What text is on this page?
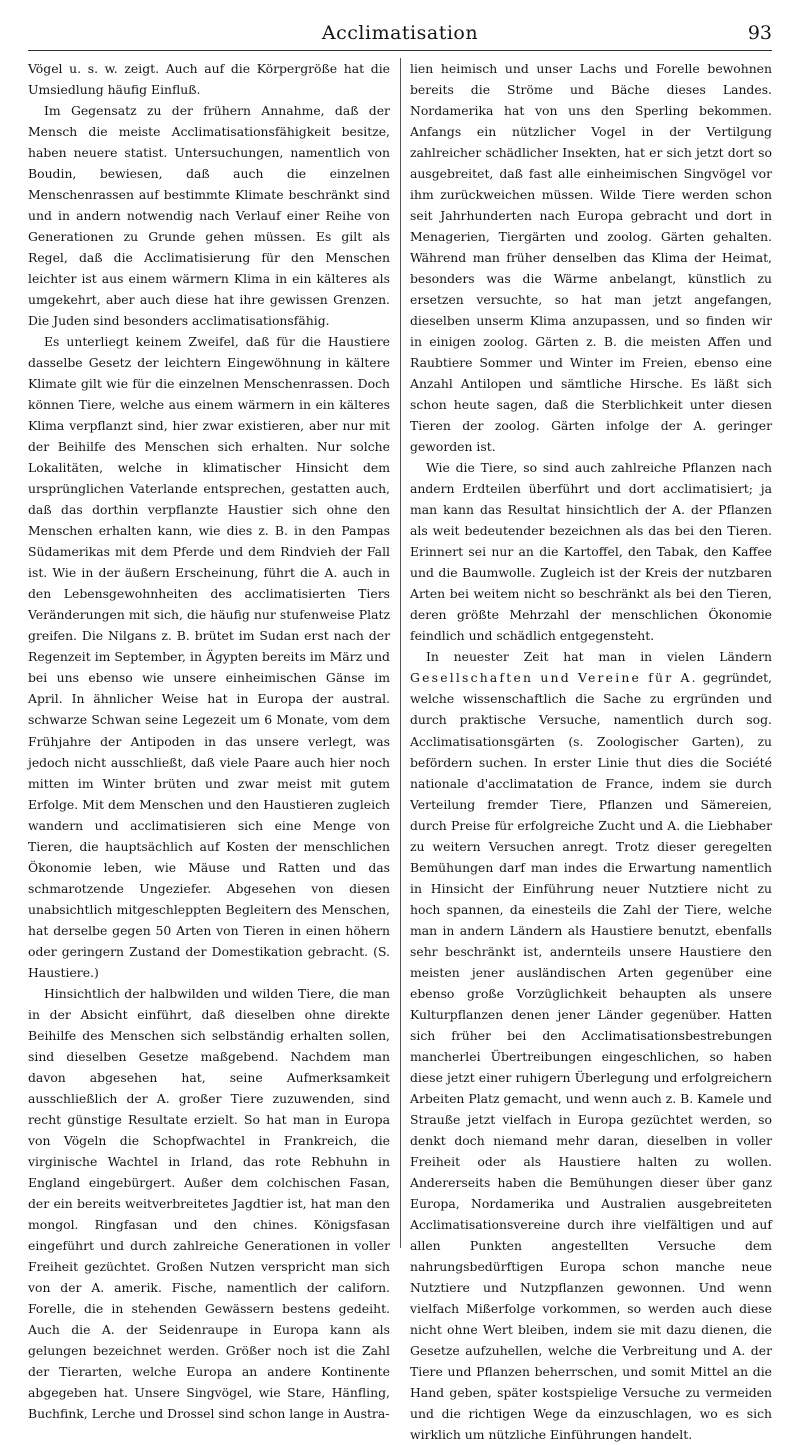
Acclimatisation	93

Vögel u. s. w. zeigt. Auch auf die Körpergröße hat die Umsiedlung häufig Einfluß.

Im Gegensatz zu der frühern Annahme, daß der Mensch die meiste Acclimatisationsfähigkeit besitze, haben neuere statist. Untersuchungen, namentlich von Boudin, bewiesen, daß auch die einzelnen Menschenrassen auf bestimmte Klimate beschränkt sind und in andern notwendig nach Verlauf einer Reihe von Generationen zu Grunde gehen müssen. Es gilt als Regel, daß die Acclimatisierung für den Menschen leichter ist aus einem wärmern Klima in ein kälteres als umgekehrt, aber auch diese hat ihre gewissen Grenzen. Die Juden sind besonders acclimatisationsfähig.

Es unterliegt keinem Zweifel, daß für die Haustiere dasselbe Gesetz der leichtern Eingewöhnung in kältere Klimate gilt wie für die einzelnen Menschenrassen. Doch können Tiere, welche aus einem wärmern in ein kälteres Klima verpflanzt sind, hier zwar existieren, aber nur mit der Beihilfe des Menschen sich erhalten. Nur solche Lokalitäten, welche in klimatischer Hinsicht dem ursprünglichen Vaterlande entsprechen, gestatten auch, daß das dorthin verpflanzte Haustier sich ohne den Menschen erhalten kann, wie dies z. B. in den Pampas Südamerikas mit dem Pferde und dem Rindvieh der Fall ist. Wie in der äußern Erscheinung, führt die A. auch in den Lebensgewohnheiten des acclimatisierten Tiers Veränderungen mit sich, die häufig nur stufenweise Platz greifen. Die Nilgans z. B. brütet im Sudan erst nach der Regenzeit im September, in Ägypten bereits im März und bei uns ebenso wie unsere einheimischen Gänse im April. In ähnlicher Weise hat in Europa der austral. schwarze Schwan seine Legezeit um 6 Monate, vom dem Frühjahre der Antipoden in das unsere verlegt, was jedoch nicht ausschließt, daß viele Paare auch hier noch mitten im Winter brüten und zwar meist mit gutem Erfolge. Mit dem Menschen und den Haustieren zugleich wandern und acclimatisieren sich eine Menge von Tieren, die hauptsächlich auf Kosten der menschlichen Ökonomie leben, wie Mäuse und Ratten und das schmarotzende Ungeziefer. Abgesehen von diesen unabsichtlich mitgeschleppten Begleitern des Menschen, hat derselbe gegen 50 Arten von Tieren in einen höhern oder geringern Zustand der Domestikation gebracht. (S. Haustiere.)

Hinsichtlich der halbwilden und wilden Tiere, die man in der Absicht einführt, daß dieselben ohne direkte Beihilfe des Menschen sich selbständig erhalten sollen, sind dieselben Gesetze maßgebend. Nachdem man davon abgesehen hat, seine Aufmerksamkeit ausschließlich der A. großer Tiere zuzuwenden, sind recht günstige Resultate erzielt. So hat man in Europa von Vögeln die Schopfwachtel in Frankreich, die virginische Wachtel in Irland, das rote Rebhuhn in England eingebürgert. Außer dem colchischen Fasan, der ein bereits weitverbreitetes Jagdtier ist, hat man den mongol. Ringfasan und den chines. Königsfasan eingeführt und durch zahlreiche Generationen in voller Freiheit gezüchtet. Großen Nutzen verspricht man sich von der A. amerik. Fische, namentlich der californ. Forelle, die in stehenden Gewässern bestens gedeiht. Auch die A. der Seidenraupe in Europa kann als gelungen bezeichnet werden. Größer noch ist die Zahl der Tierarten, welche Europa an andere Kontinente abgegeben hat. Unsere Singvögel, wie Stare, Hänfling, Buchfink, Lerche und Drossel sind schon lange in Austra-

lien heimisch und unser Lachs und Forelle bewohnen bereits die Ströme und Bäche dieses Landes. Nordamerika hat von uns den Sperling bekommen. Anfangs ein nützlicher Vogel in der Vertilgung zahlreicher schädlicher Insekten, hat er sich jetzt dort so ausgebreitet, daß fast alle einheimischen Singvögel vor ihm zurückweichen müssen. Wilde Tiere werden schon seit Jahrhunderten nach Europa gebracht und dort in Menagerien, Tiergärten und zoolog. Gärten gehalten. Während man früher denselben das Klima der Heimat, besonders was die Wärme anbelangt, künstlich zu ersetzen versuchte, so hat man jetzt angefangen, dieselben unserm Klima anzupassen, und so finden wir in einigen zoolog. Gärten z. B. die meisten Affen und Raubtiere Sommer und Winter im Freien, ebenso eine Anzahl Antilopen und sämtliche Hirsche. Es läßt sich schon heute sagen, daß die Sterblichkeit unter diesen Tieren der zoolog. Gärten infolge der A. geringer geworden ist.

Wie die Tiere, so sind auch zahlreiche Pflanzen nach andern Erdteilen überführt und dort acclimatisiert; ja man kann das Resultat hinsichtlich der A. der Pflanzen als weit bedeutender bezeichnen als das bei den Tieren. Erinnert sei nur an die Kartoffel, den Tabak, den Kaffee und die Baumwolle. Zugleich ist der Kreis der nutzbaren Arten bei weitem nicht so beschränkt als bei den Tieren, deren größte Mehrzahl der menschlichen Ökonomie feindlich und schädlich entgegensteht.

In neuester Zeit hat man in vielen Ländern Gesellschaften und Vereine für A. gegründet, welche wissenschaftlich die Sache zu ergründen und durch praktische Versuche, namentlich durch sog. Acclimatisationsgärten (s. Zoologischer Garten), zu befördern suchen. In erster Linie thut dies die Société nationale d'acclimatation de France, indem sie durch Verteilung fremder Tiere, Pflanzen und Sämereien, durch Preise für erfolgreiche Zucht und A. die Liebhaber zu weitern Versuchen anregt. Trotz dieser geregelten Bemühungen darf man indes die Erwartung namentlich in Hinsicht der Einführung neuer Nutztiere nicht zu hoch spannen, da einesteils die Zahl der Tiere, welche man in andern Ländern als Haustiere benutzt, ebenfalls sehr beschränkt ist, andernteils unsere Haustiere den meisten jener ausländischen Arten gegenüber eine ebenso große Vorzüglichkeit behaupten als unsere Kulturpflanzen denen jener Länder gegenüber. Hatten sich früher bei den Acclimatisationsbestrebungen mancherlei Übertreibungen eingeschlichen, so haben diese jetzt einer ruhigern Überlegung und erfolgreichern Arbeiten Platz gemacht, und wenn auch z. B. Kamele und Strauße jetzt vielfach in Europa gezüchtet werden, so denkt doch niemand mehr daran, dieselben in voller Freiheit oder als Haustiere halten zu wollen. Andererseits haben die Bemühungen dieser über ganz Europa, Nordamerika und Australien ausgebreiteten Acclimatisationsvereine durch ihre vielfältigen und auf allen Punkten angestellten Versuche dem nahrungsbedürftigen Europa schon manche neue Nutztiere und Nutzpflanzen gewonnen. Und wenn vielfach Mißerfolge vorkommen, so werden auch diese nicht ohne Wert bleiben, indem sie mit dazu dienen, die Gesetze aufzuhellen, welche die Verbreitung und A. der Tiere und Pflanzen beherrschen, und somit Mittel an die Hand geben, später kostspielige Versuche zu vermeiden und die richtigen Wege da einzuschlagen, wo es sich wirklich um nützliche Einführungen handelt.
